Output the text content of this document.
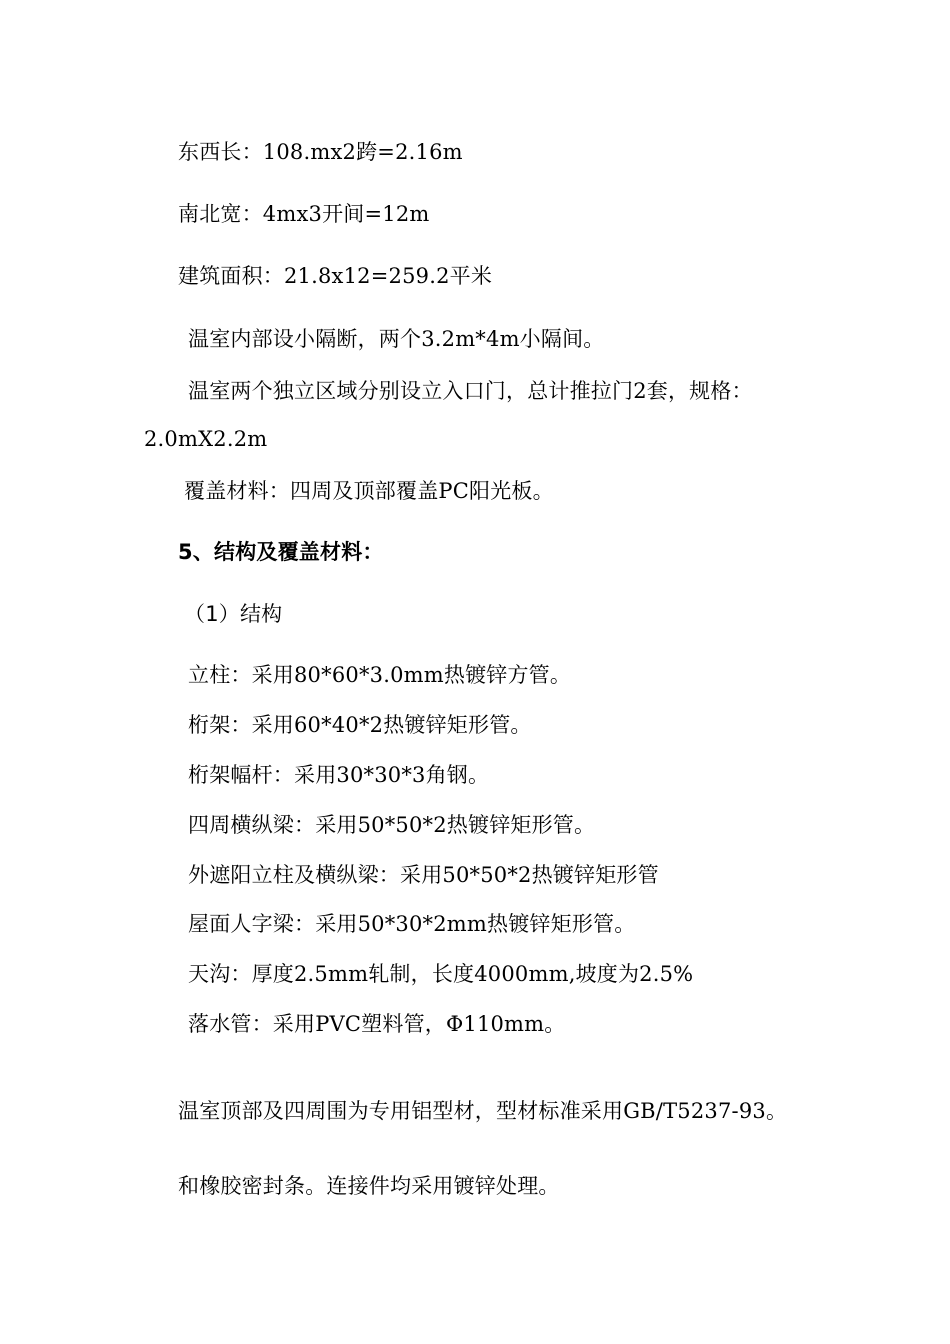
东西长：108.mx2跨=2.16m
南北宽：4mx3开间=12m
建筑面积：21.8x12=259.2平米
温室内部设小隔断，两个3.2m*4m小隔间。
温室两个独立区域分别设立入口门，总计推拉门2套，规格：
2.0mX2.2m
覆盖材料：四周及顶部覆盖PC阳光板。
5、结构及覆盖材料：
（1）结构
立柱：采用80*60*3.0mm热镀锌方管。
桁架：采用60*40*2热镀锌矩形管。
桁架幅杆：采用30*30*3角钢。
四周横纵梁：采用50*50*2热镀锌矩形管。
外遮阳立柱及横纵梁：采用50*50*2热镀锌矩形管
屋面人字梁：采用50*30*2mm热镀锌矩形管。
天沟：厚度2.5mm轧制，长度4000mm,坡度为2.5%
落水管：采用PVC塑料管，Φ110mm。
温室顶部及四周围为专用铝型材，型材标准采用GB/T5237-93。
和橡胶密封条。连接件均采用镀锌处理。
